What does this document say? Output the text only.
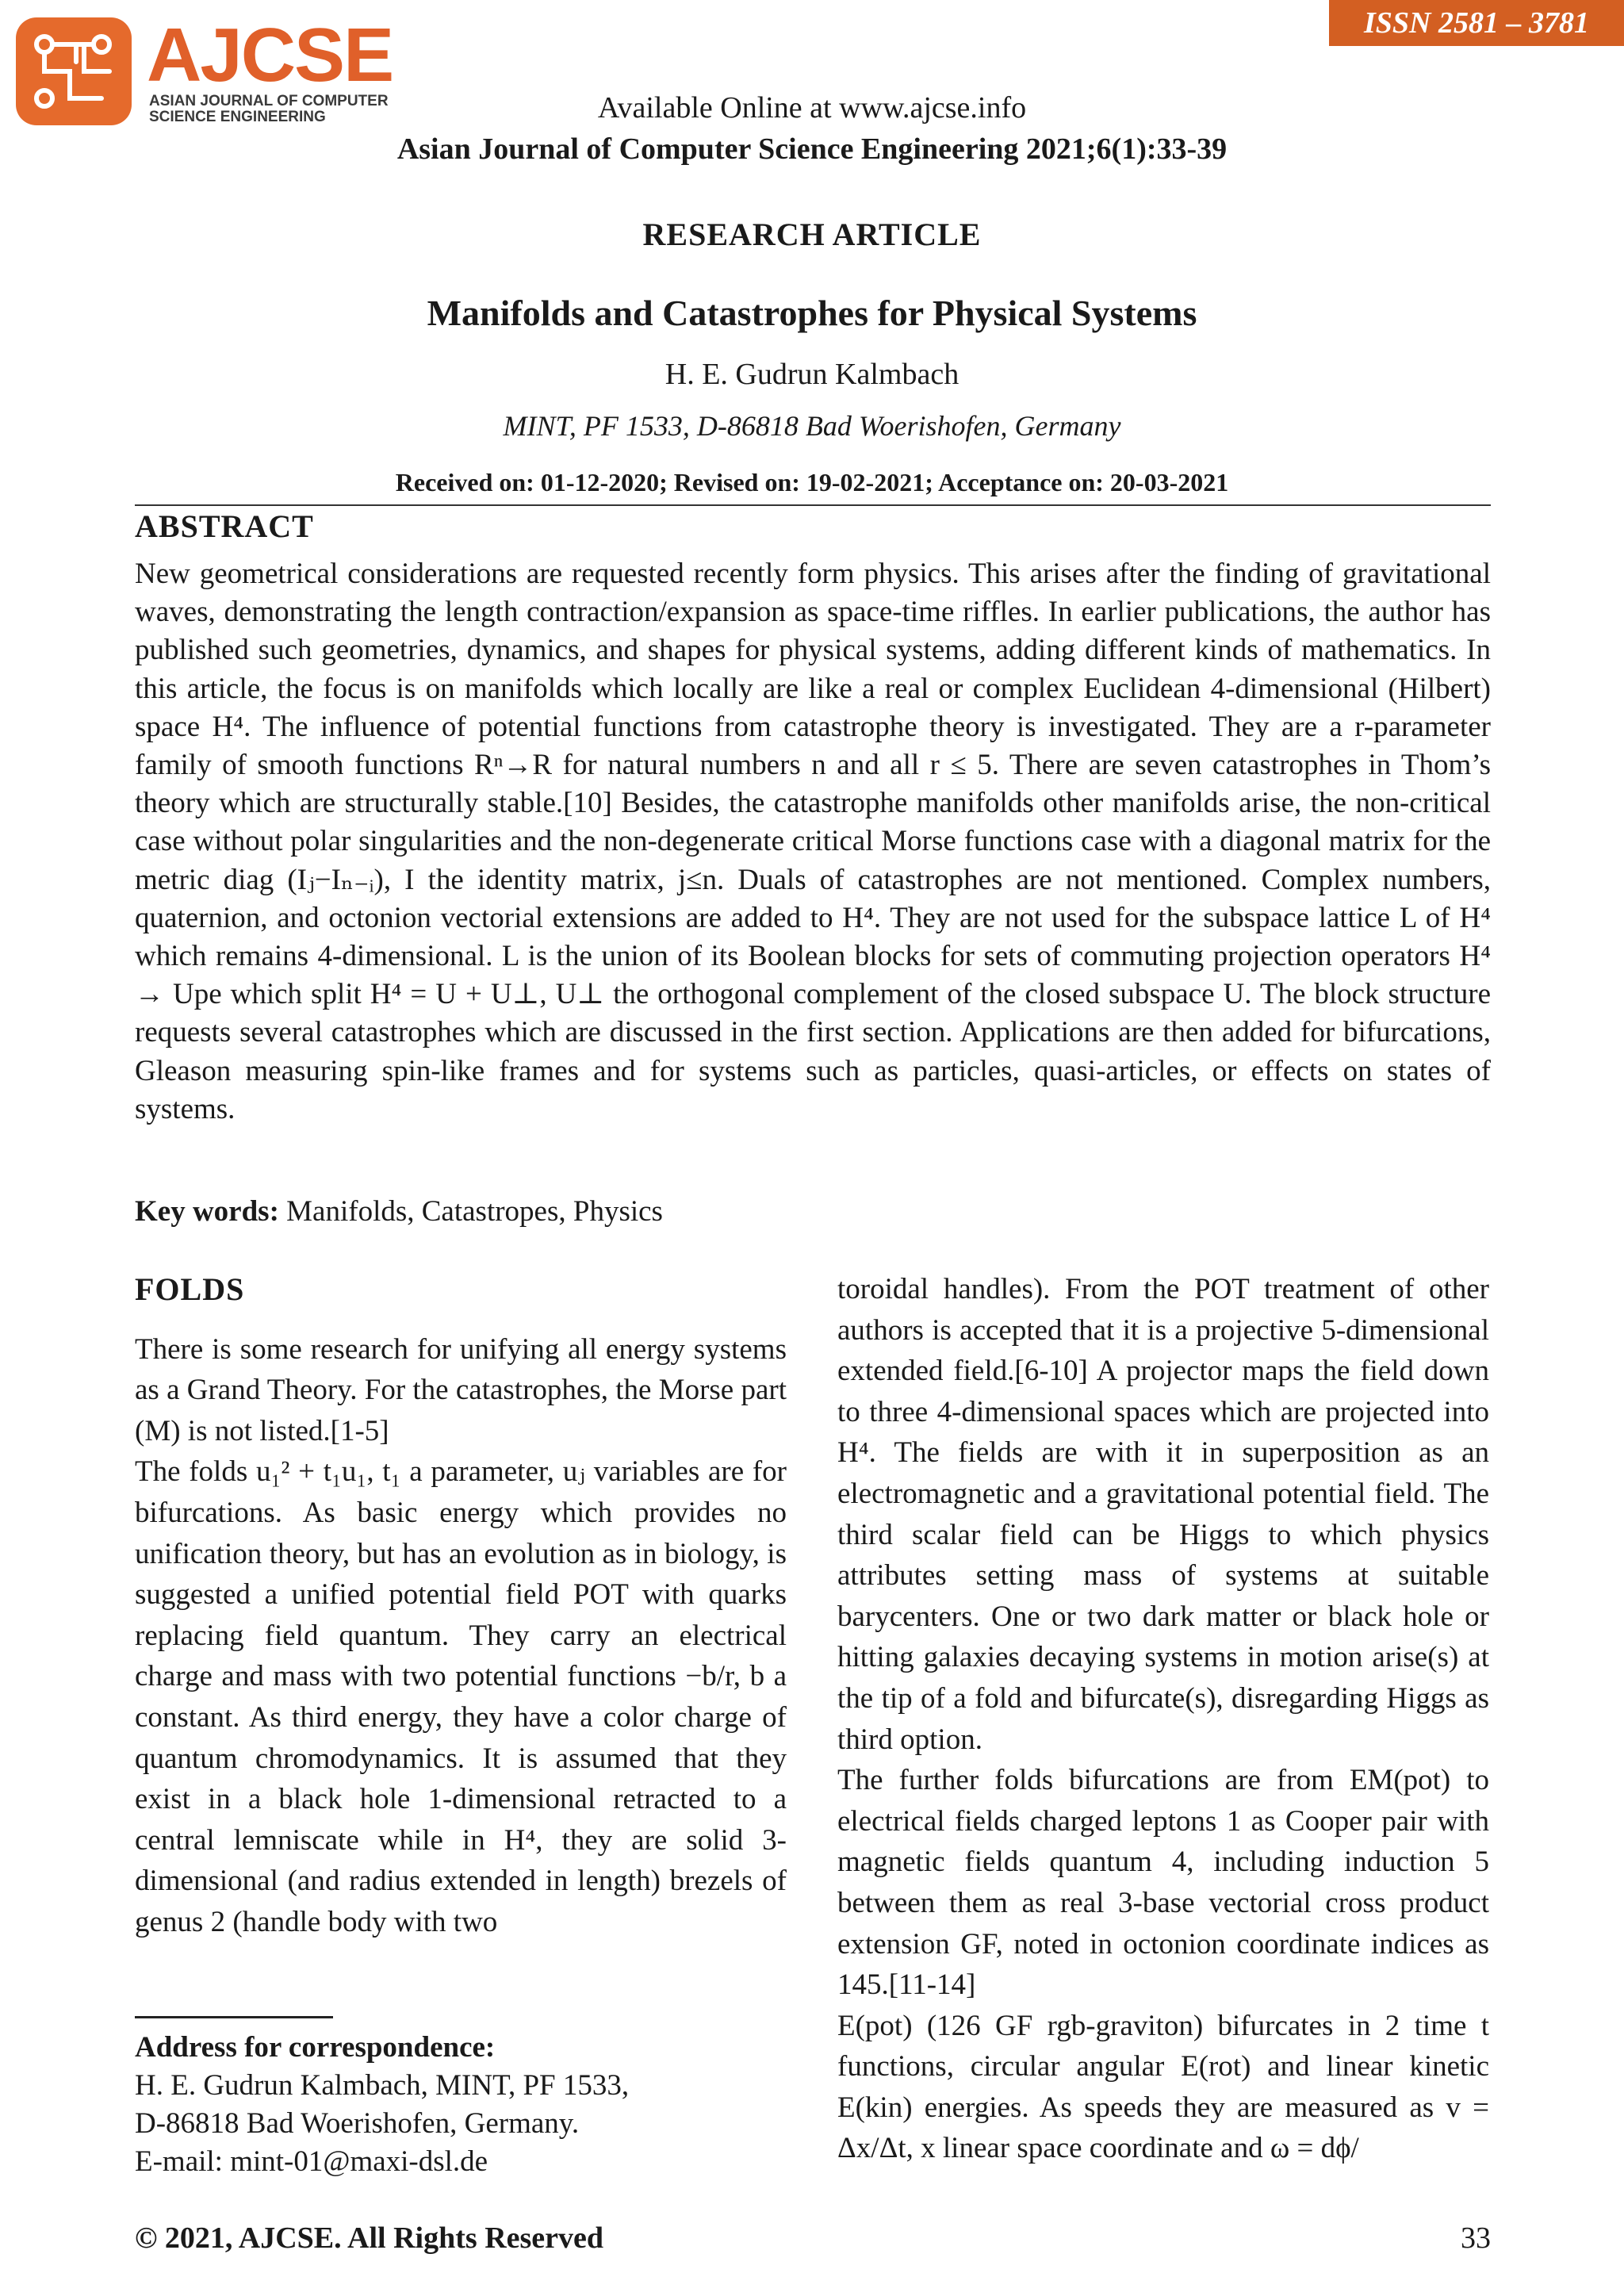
AJCSE
ASIAN JOURNAL OF COMPUTER
SCIENCE ENGINEERING
ISSN 2581 – 3781
Available Online at www.ajcse.info
Asian Journal of Computer Science Engineering 2021;6(1):33-39
RESEARCH ARTICLE
Manifolds and Catastrophes for Physical Systems
H. E. Gudrun Kalmbach
MINT, PF 1533, D-86818 Bad Woerishofen, Germany
Received on: 01-12-2020; Revised on: 19-02-2021; Acceptance on: 20-03-2021
ABSTRACT
New geometrical considerations are requested recently form physics. This arises after the finding of gravitational waves, demonstrating the length contraction/expansion as space-time riffles. In earlier publications, the author has published such geometries, dynamics, and shapes for physical systems, adding different kinds of mathematics. In this article, the focus is on manifolds which locally are like a real or complex Euclidean 4-dimensional (Hilbert) space H⁴. The influence of potential functions from catastrophe theory is investigated. They are a r-parameter family of smooth functions Rⁿ→R for natural numbers n and all r ≤ 5. There are seven catastrophes in Thom’s theory which are structurally stable.[10] Besides, the catastrophe manifolds other manifolds arise, the non-critical case without polar singularities and the non-degenerate critical Morse functions case with a diagonal matrix for the metric diag (Iⱼ−Iₙ₋ᵢ), I the identity matrix, j≤n. Duals of catastrophes are not mentioned. Complex numbers, quaternion, and octonion vectorial extensions are added to H⁴. They are not used for the subspace lattice L of H⁴ which remains 4-dimensional. L is the union of its Boolean blocks for sets of commuting projection operators H⁴ → Upe which split H⁴ = U + U⊥, U⊥ the orthogonal complement of the closed subspace U. The block structure requests several catastrophes which are discussed in the first section. Applications are then added for bifurcations, Gleason measuring spin-like frames and for systems such as particles, quasi-articles, or effects on states of systems.
Key words: Manifolds, Catastropes, Physics

FOLDS

There is some research for unifying all energy systems as a Grand Theory. For the catastrophes, the Morse part (M) is not listed.[1-5]

The folds u₁² + t₁u₁, t₁ a parameter, uⱼ variables are for bifurcations. As basic energy which provides no unification theory, but has an evolution as in biology, is suggested a unified potential field POT with quarks replacing field quantum. They carry an electrical charge and mass with two potential functions −b/r, b a constant. As third energy, they have a color charge of quantum chromodynamics. It is assumed that they exist in a black hole 1-dimensional retracted to a central lemniscate while in H⁴, they are solid 3-dimensional (and radius extended in length) brezels of genus 2 (handle body with two

toroidal handles). From the POT treatment of other authors is accepted that it is a projective 5-dimensional extended field.[6-10] A projector maps the field down to three 4-dimensional spaces which are projected into H⁴. The fields are with it in superposition as an electromagnetic and a gravitational potential field. The third scalar field can be Higgs to which physics attributes setting mass of systems at suitable barycenters. One or two dark matter or black hole or hitting galaxies decaying systems in motion arise(s) at the tip of a fold and bifurcate(s), disregarding Higgs as third option.

The further folds bifurcations are from EM(pot) to electrical fields charged leptons 1 as Cooper pair with magnetic fields quantum 4, including induction 5 between them as real 3-base vectorial cross product extension GF, noted in octonion coordinate indices as 145.[11-14]

E(pot) (126 GF rgb-graviton) bifurcates in 2 time t functions, circular angular E(rot) and linear kinetic E(kin) energies. As speeds they are measured as v = Δx/Δt, x linear space coordinate and ω = dϕ/

Address for correspondence:
H. E. Gudrun Kalmbach, MINT, PF 1533,
D-86818 Bad Woerishofen, Germany.
E-mail: mint-01@maxi-dsl.de
© 2021, AJCSE. All Rights Reserved	33
